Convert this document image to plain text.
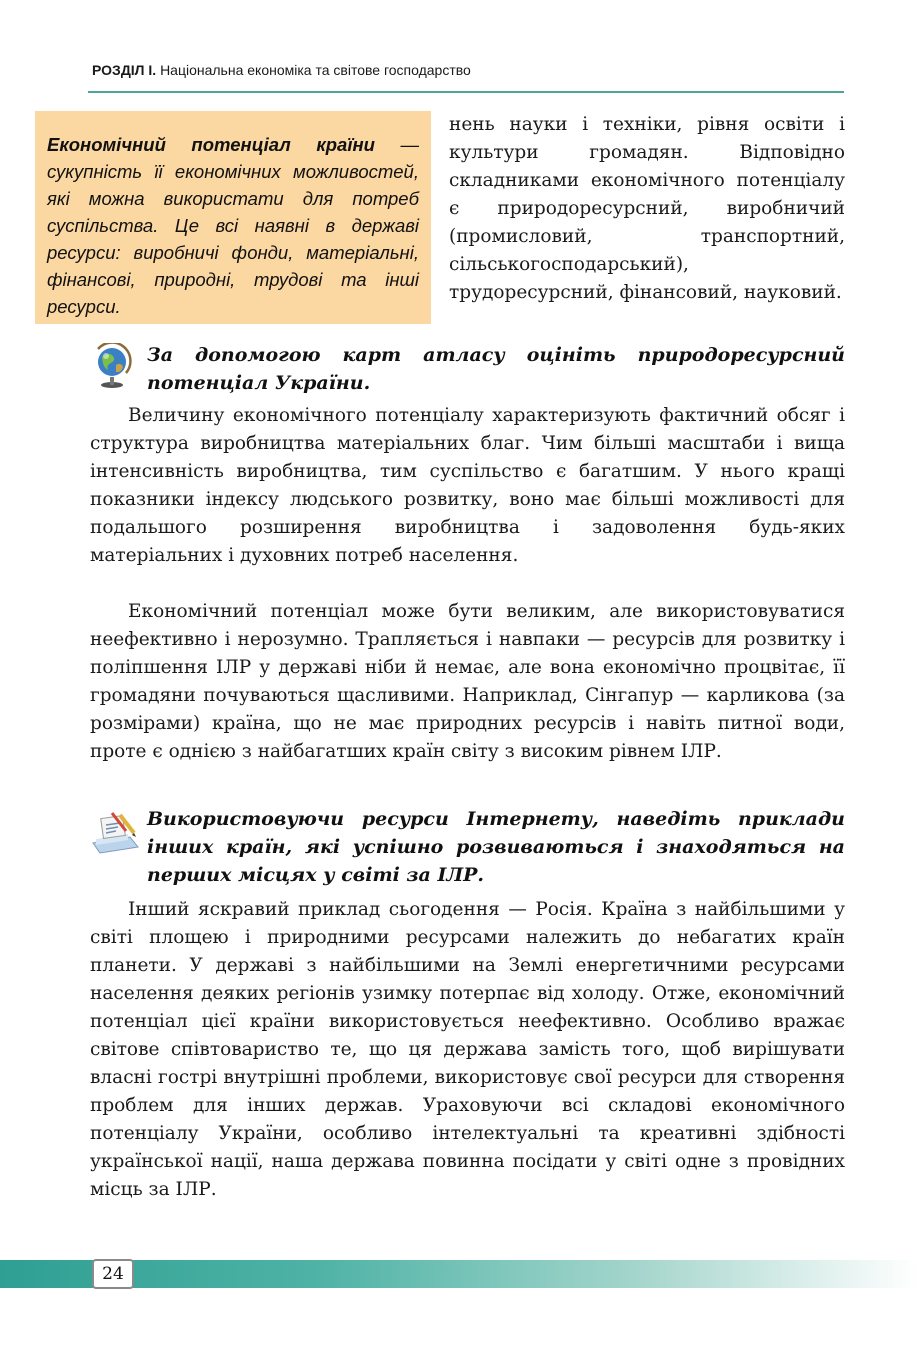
РОЗДІЛ І. Національна економіка та світове господарство
Економічний потенціал країни — сукупність її економічних можливостей, які можна використати для потреб суспільства. Це всі наявні в державі ресурси: виробничі фонди, матеріальні, фінансові, природні, трудові та інші ресурси.

нень науки і техніки, рівня освіти і культури громадян. Відповідно складниками економічного потенціалу є природоресурсний, виробничий (промисловий, транспортний, сільськогосподарський), трудоресурсний, фінансовий, науковий.

За допомогою карт атласу оцініть природоресурсний потенціал України.

Величину економічного потенціалу характеризують фактичний обсяг і структура виробництва матеріальних благ. Чим більші масштаби і вища інтенсивність виробництва, тим суспільство є багатшим. У нього кращі показники індексу людського розвитку, воно має більші можливості для подальшого розширення виробництва і задоволення будь-яких матеріальних і духовних потреб населення.

Економічний потенціал може бути великим, але використовуватися неефективно і нерозумно. Трапляється і навпаки — ресурсів для розвитку і поліпшення ІЛР у державі ніби й немає, але вона економічно процвітає, її громадяни почуваються щасливими. Наприклад, Сінгапур — карликова (за розмірами) країна, що не має природних ресурсів і навіть питної води, проте є однією з найбагатших країн світу з високим рівнем ІЛР.

Використовуючи ресурси Інтернету, наведіть приклади інших країн, які успішно розвиваються і знаходяться на перших місцях у світі за ІЛР.

Інший яскравий приклад сьогодення — Росія. Країна з найбільшими у світі площею і природними ресурсами належить до небагатих країн планети. У державі з найбільшими на Землі енергетичними ресурсами населення деяких регіонів узимку потерпає від холоду. Отже, економічний потенціал цієї країни використовується неефективно. Особливо вражає світове співтовариство те, що ця держава замість того, щоб вирішувати власні гострі внутрішні проблеми, використовує свої ресурси для створення проблем для інших держав. Ураховуючи всі складові економічного потенціалу України, особливо інтелектуальні та креативні здібності української нації, наша держава повинна посідати у світі одне з провідних місць за ІЛР.

24
